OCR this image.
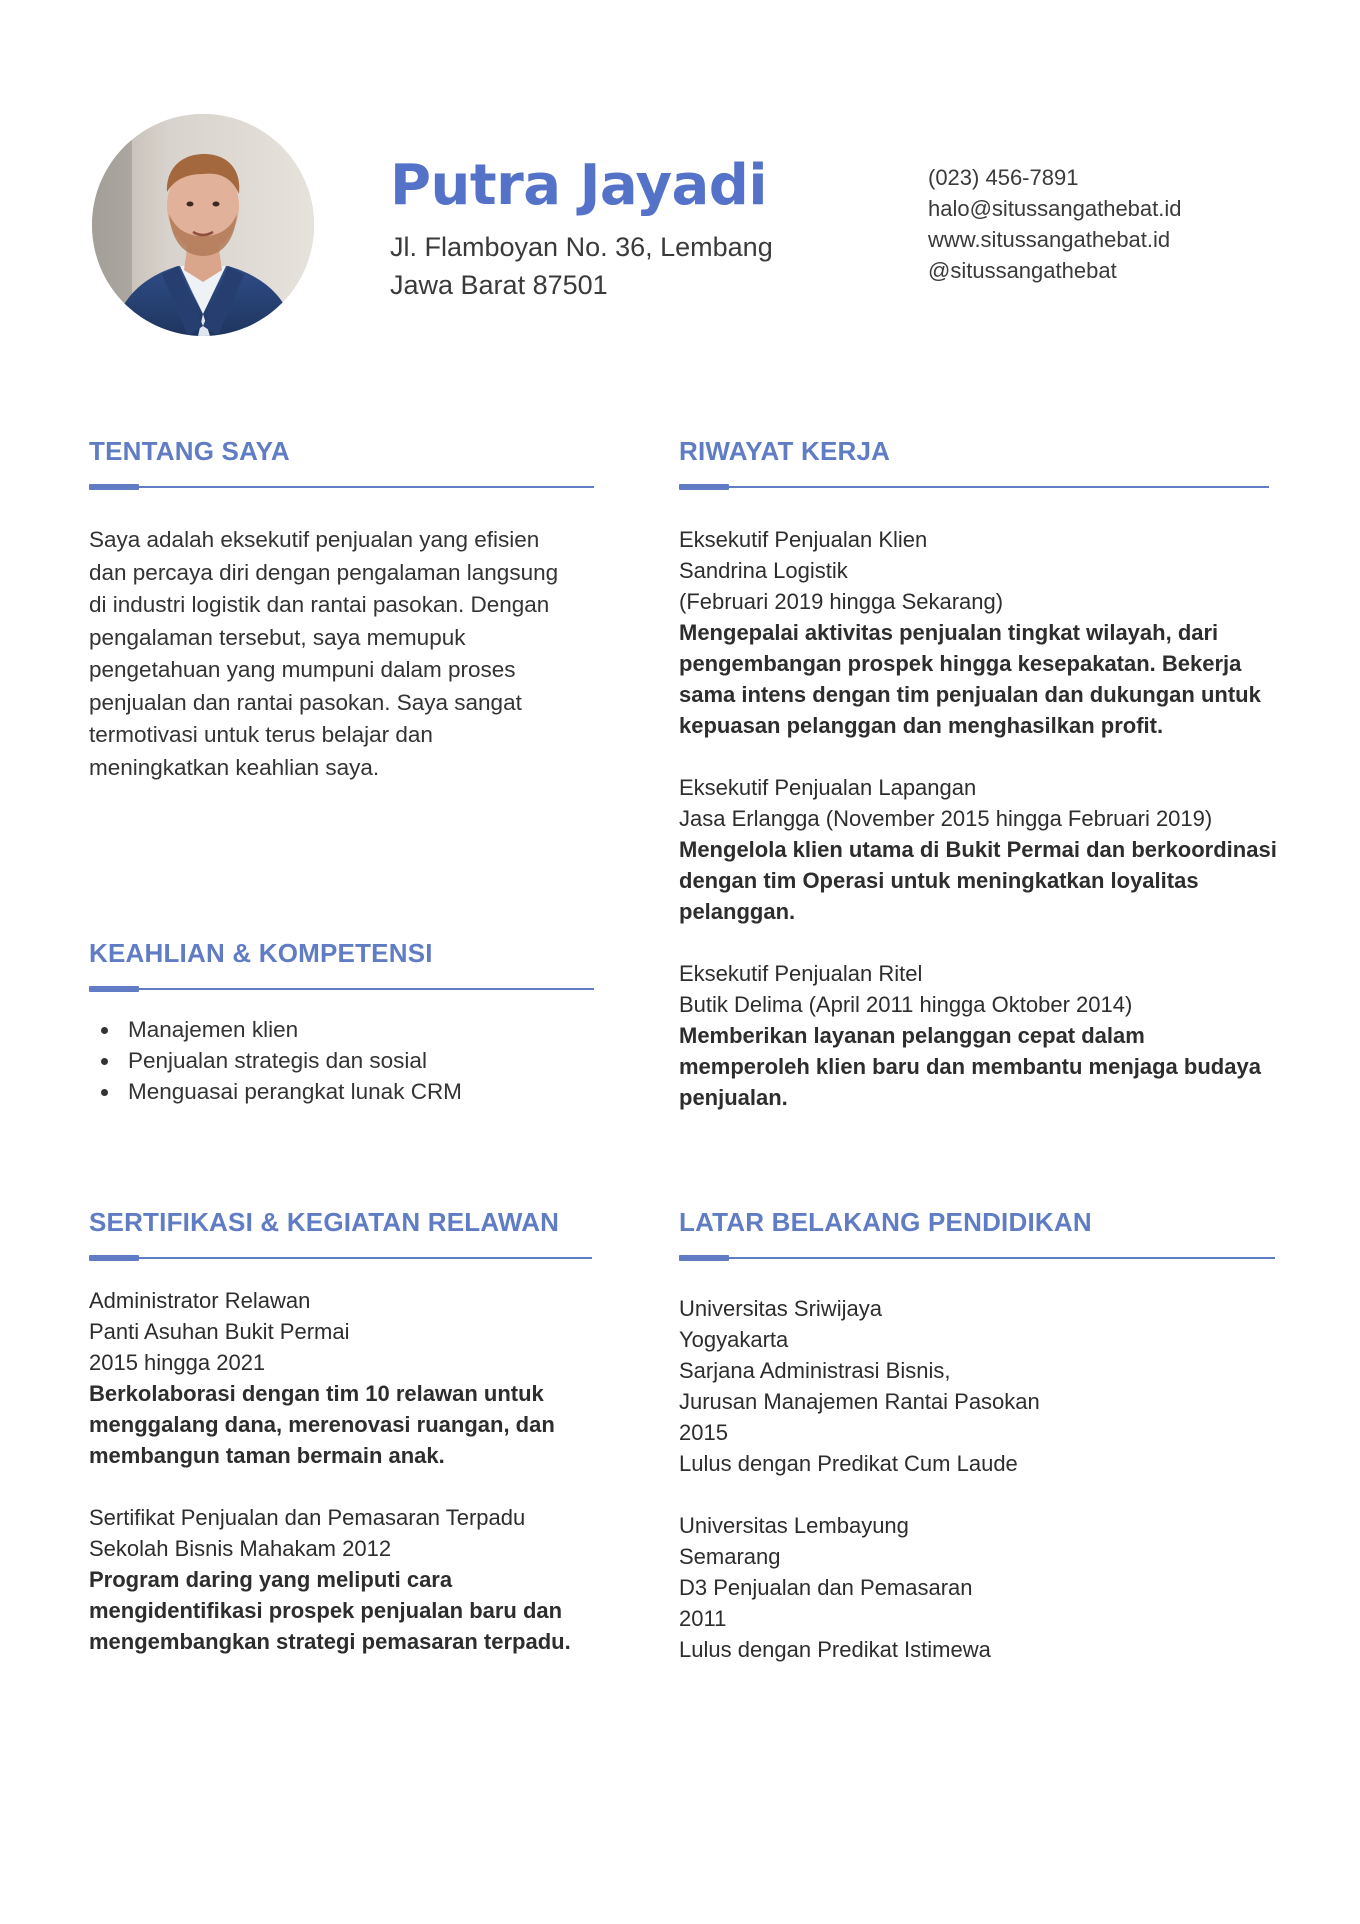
Putra Jayadi
Jl. Flamboyan No. 36, Lembang
Jawa Barat 87501
(023) 456-7891
halo@situssangathebat.id
www.situssangathebat.id
@situssangathebat
TENTANG SAYA

Saya adalah eksekutif penjualan yang efisien

dan percaya diri dengan pengalaman langsung

di industri logistik dan rantai pasokan. Dengan

pengalaman tersebut, saya memupuk

pengetahuan yang mumpuni dalam proses

penjualan dan rantai pasokan. Saya sangat

termotivasi untuk terus belajar dan

meningkatkan keahlian saya.

KEAHLIAN & KOMPETENSI
Manajemen klien
Penjualan strategis dan sosial
Menguasai perangkat lunak CRM
SERTIFIKASI & KEGIATAN RELAWAN
Administrator Relawan
Panti Asuhan Bukit Permai
2015 hingga 2021
Berkolaborasi dengan tim 10 relawan untuk
menggalang dana, merenovasi ruangan, dan
membangun taman bermain anak.
Sertifikat Penjualan dan Pemasaran Terpadu
Sekolah Bisnis Mahakam 2012
Program daring yang meliputi cara
mengidentifikasi prospek penjualan baru dan
mengembangkan strategi pemasaran terpadu.
RIWAYAT KERJA
Eksekutif Penjualan Klien
Sandrina Logistik
(Februari 2019 hingga Sekarang)
Mengepalai aktivitas penjualan tingkat wilayah, dari
pengembangan prospek hingga kesepakatan. Bekerja
sama intens dengan tim penjualan dan dukungan untuk
kepuasan pelanggan dan menghasilkan profit.
Eksekutif Penjualan Lapangan
Jasa Erlangga (November 2015 hingga Februari 2019)
Mengelola klien utama di Bukit Permai dan berkoordinasi
dengan tim Operasi untuk meningkatkan loyalitas
pelanggan.
Eksekutif Penjualan Ritel
Butik Delima (April 2011 hingga Oktober 2014)
Memberikan layanan pelanggan cepat dalam
memperoleh klien baru dan membantu menjaga budaya
penjualan.
LATAR BELAKANG PENDIDIKAN
Universitas Sriwijaya
Yogyakarta
Sarjana Administrasi Bisnis,
Jurusan Manajemen Rantai Pasokan
2015
Lulus dengan Predikat Cum Laude
Universitas Lembayung
Semarang
D3 Penjualan dan Pemasaran
2011
Lulus dengan Predikat Istimewa
